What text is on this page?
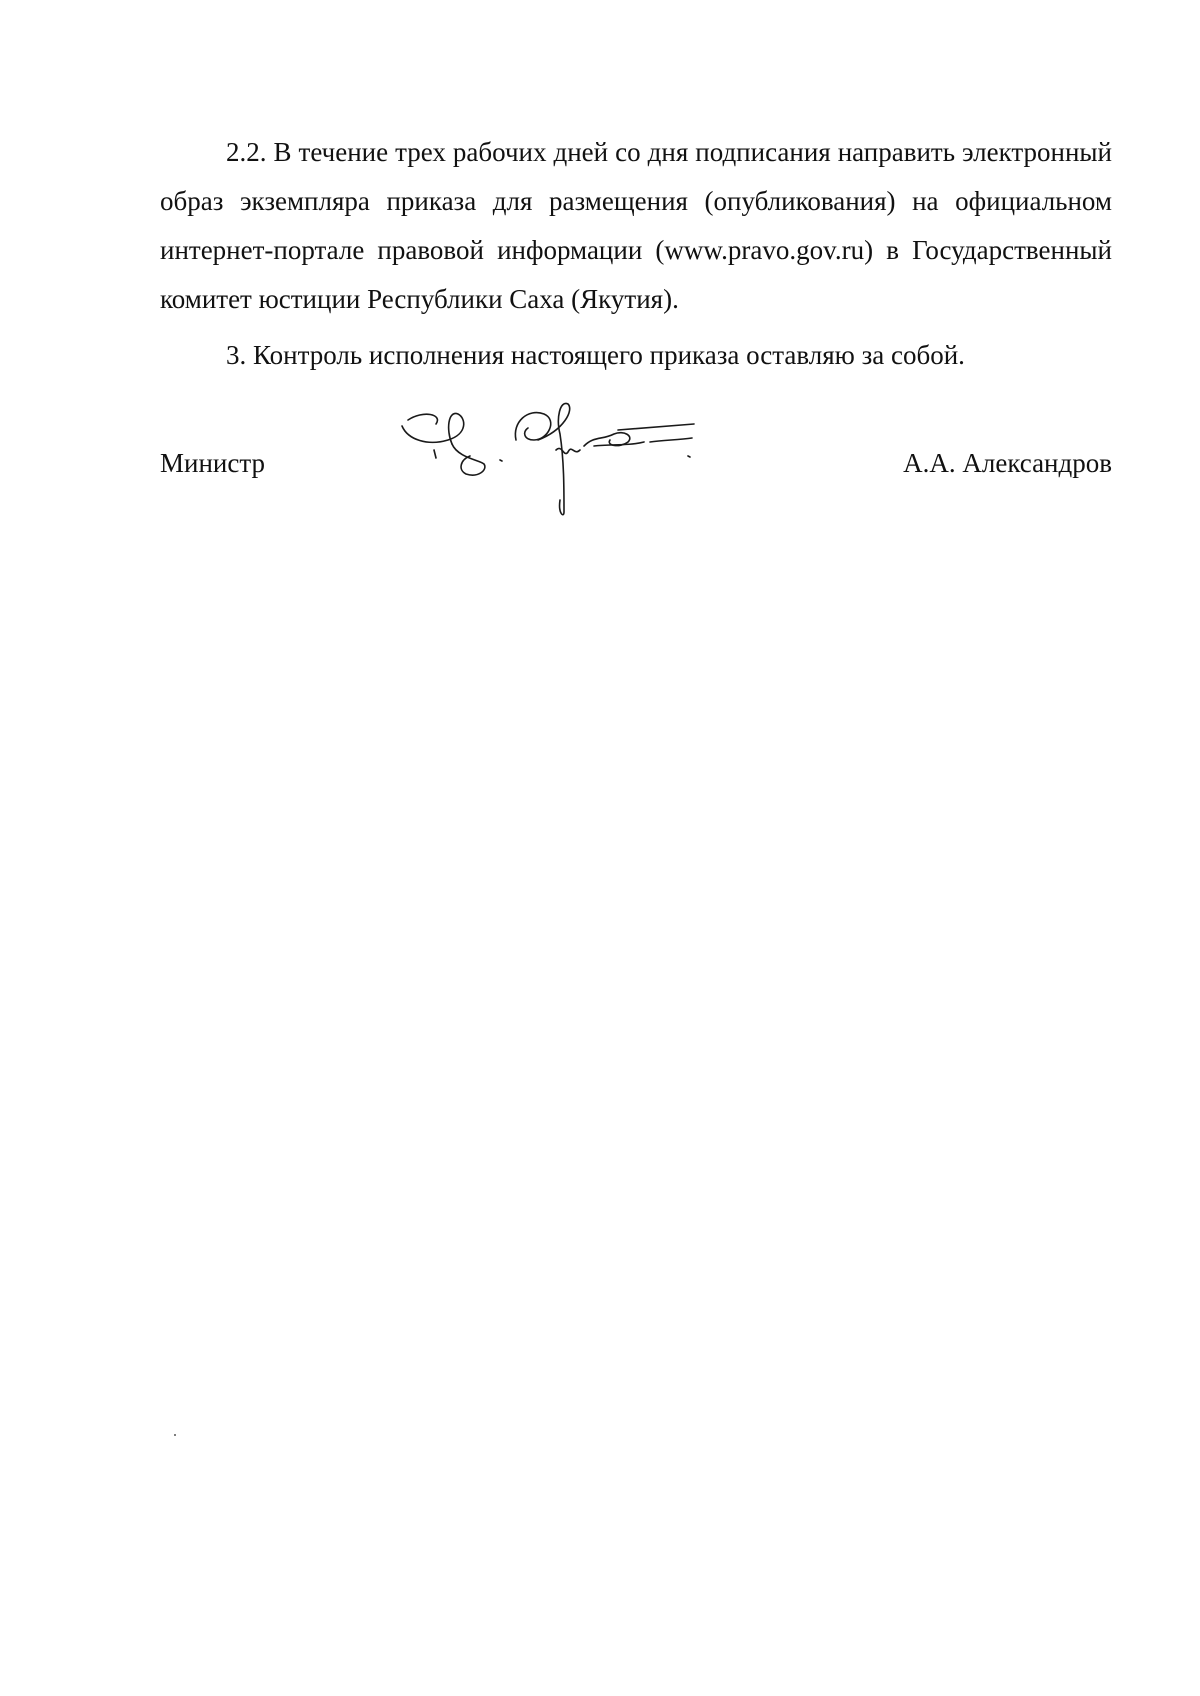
2.2. В течение трех рабочих дней со дня подписания направить электронный образ экземпляра приказа для размещения (опубликования) на официальном интернет-портале правовой информации (www.pravo.gov.ru) в Государственный комитет юстиции Республики Саха (Якутия).

3. Контроль исполнения настоящего приказа оставляю за собой.

Министр	А.А. Александров
